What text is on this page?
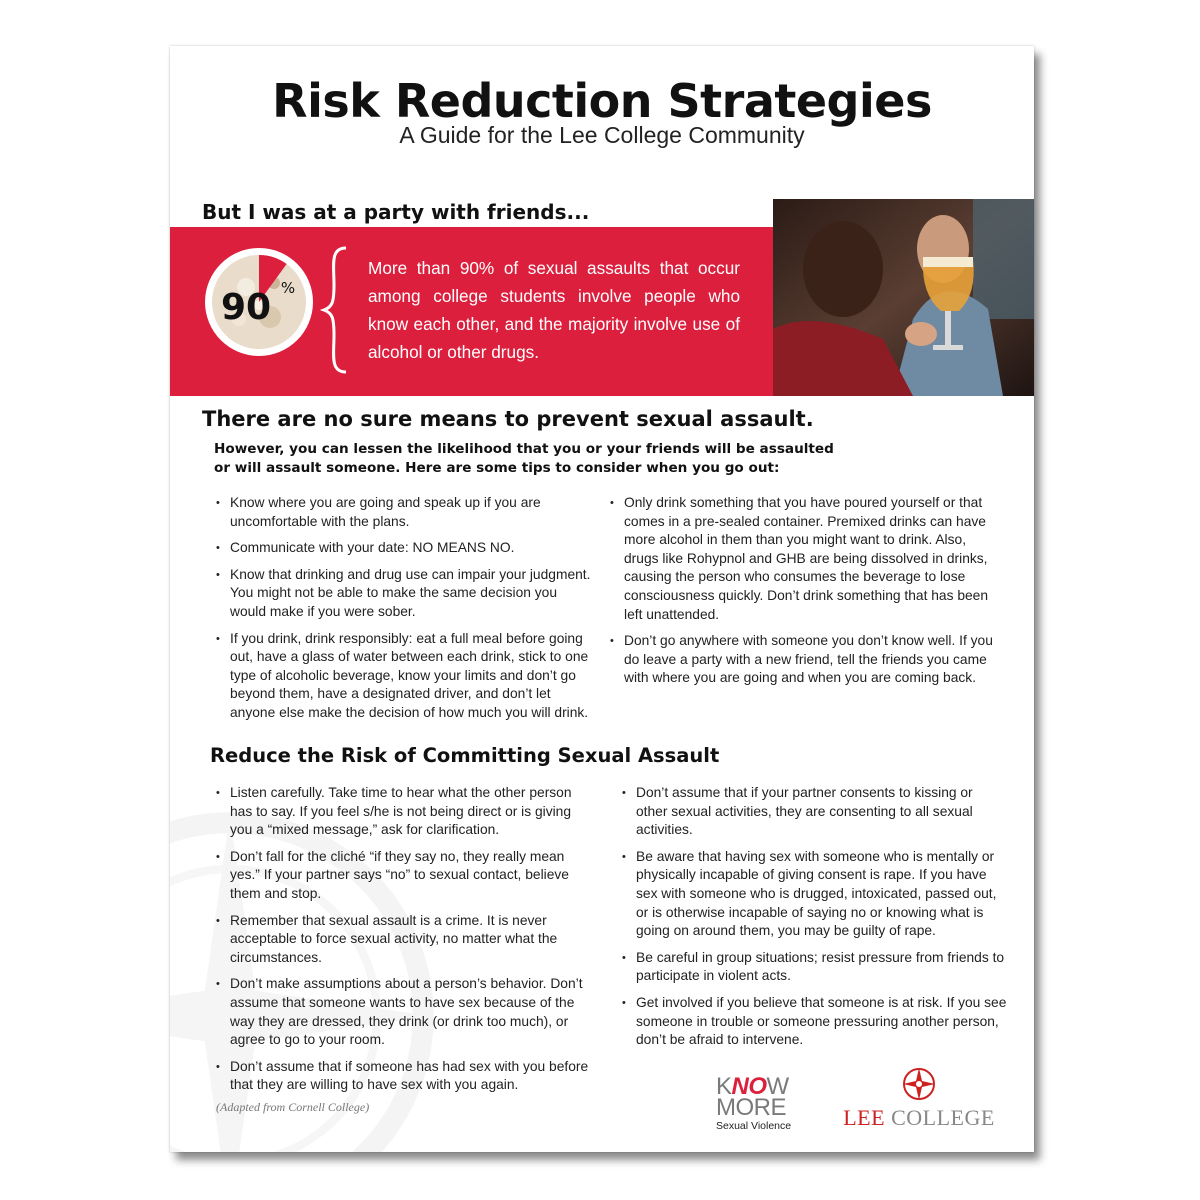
Risk Reduction Strategies
A Guide for the Lee College Community
But I was at a party with friends...
90 %
More than 90% of sexual assaults that occur among college students involve people who know each other, and the majority involve use of alcohol or other drugs.
There are no sure means to prevent sexual assault.
However, you can lessen the likelihood that you or your friends will be assaulted or will assault someone. Here are some tips to consider when you go out:
• Know where you are going and speak up if you are uncomfortable with the plans.
• Communicate with your date: NO MEANS NO.
• Know that drinking and drug use can impair your judgment. You might not be able to make the same decision you would make if you were sober.
• If you drink, drink responsibly: eat a full meal before going out, have a glass of water between each drink, stick to one type of alcoholic beverage, know your limits and don’t go beyond them, have a designated driver, and don’t let anyone else make the decision of how much you will drink.
• Only drink something that you have poured yourself or that comes in a pre-sealed container. Premixed drinks can have more alcohol in them than you might want to drink. Also, drugs like Rohypnol and GHB are being dissolved in drinks, causing the person who consumes the beverage to lose consciousness quickly. Don’t drink something that has been left unattended.
• Don’t go anywhere with someone you don’t know well. If you do leave a party with a new friend, tell the friends you came with where you are going and when you are coming back.
Reduce the Risk of Committing Sexual Assault
• Listen carefully. Take time to hear what the other person has to say. If you feel s/he is not being direct or is giving you a “mixed message,” ask for clarification.
• Don’t fall for the cliché “if they say no, they really mean yes.” If your partner says “no” to sexual contact, believe them and stop.
• Remember that sexual assault is a crime. It is never acceptable to force sexual activity, no matter what the circumstances.
• Don’t make assumptions about a person’s behavior. Don’t assume that someone wants to have sex because of the way they are dressed, they drink (or drink too much), or agree to go to your room.
• Don’t assume that if someone has had sex with you before that they are willing to have sex with you again.
• Don’t assume that if your partner consents to kissing or other sexual activities, they are consenting to all sexual activities.
• Be aware that having sex with someone who is mentally or physically incapable of giving consent is rape. If you have sex with someone who is drugged, intoxicated, passed out, or is otherwise incapable of saying no or knowing what is going on around them, you may be guilty of rape.
• Be careful in group situations; resist pressure from friends to participate in violent acts.
• Get involved if you believe that someone is at risk. If you see someone in trouble or someone pressuring another person, don’t be afraid to intervene.
(Adapted from Cornell College)
KNOW
MORE
Sexual Violence	LEE COLLEGE
